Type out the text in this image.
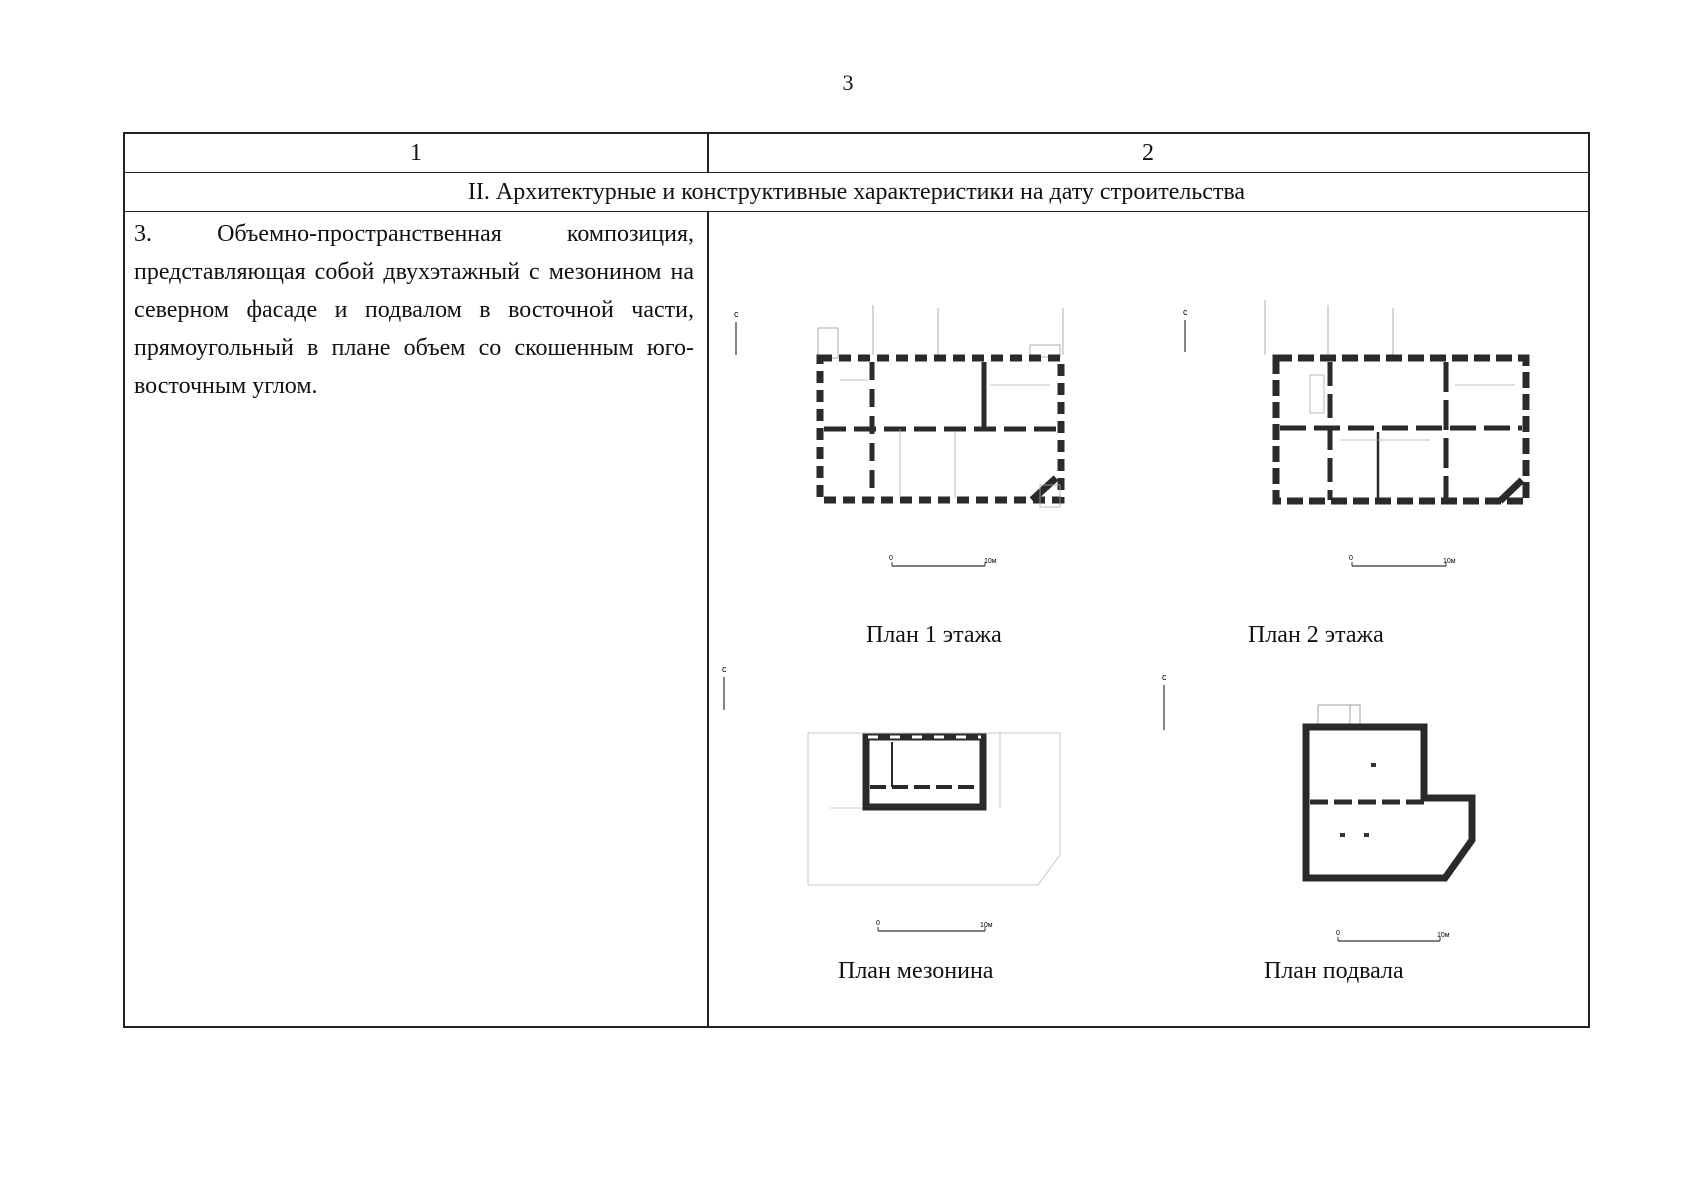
3
1	2
II. Архитектурные и конструктивные характеристики на дату строительства
3. Объемно-пространственная композиция, представляющая собой двухэтажный с мезонином на северном фасаде и подвалом в восточной части, прямоугольный в плане объем со скошенным юго-восточным углом.
с
0	10м
с
0	10м
с
0	10м
с
0	10м
План 1 этажа	План 2 этажа
План мезонина	План подвала
